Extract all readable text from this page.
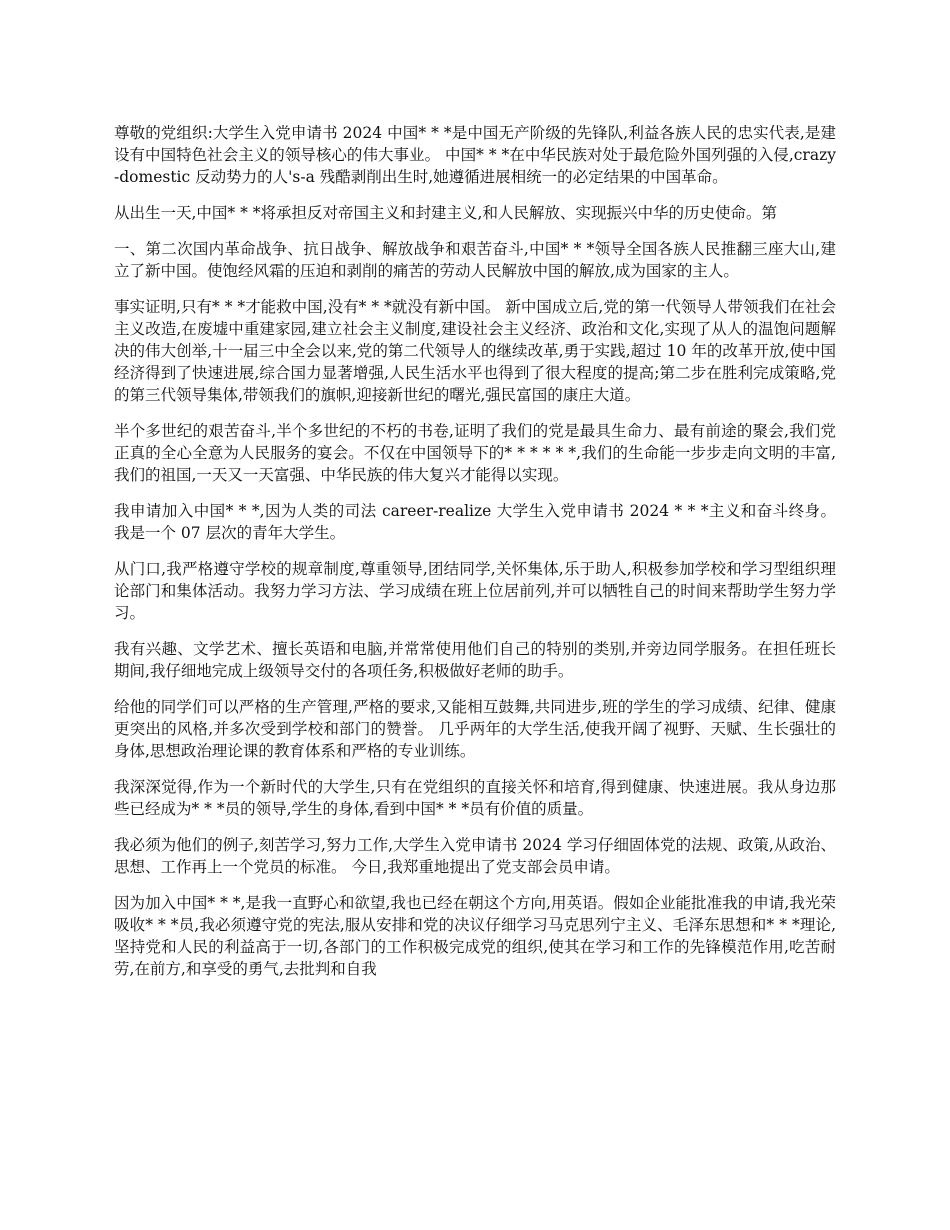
尊敬的党组织:大学生入党申请书 2024 中国* * *是中国无产阶级的先锋队,利益各族人民的忠实代表,是建设有中国特色社会主义的领导核心的伟大事业。 中国* * *在中华民族对处于最危险外国列强的入侵,crazy-domestic 反动势力的人's-a 残酷剥削出生时,她遵循进展相统一的必定结果的中国革命。

从出生一天,中国* * *将承担反对帝国主义和封建主义,和人民解放、实现振兴中华的历史使命。第

一、第二次国内革命战争、抗日战争、解放战争和艰苦奋斗,中国* * *领导全国各族人民推翻三座大山,建立了新中国。使饱经风霜的压迫和剥削的痛苦的劳动人民解放中国的解放,成为国家的主人。

事实证明,只有* * *才能救中国,没有* * *就没有新中国。 新中国成立后,党的第一代领导人带领我们在社会主义改造,在废墟中重建家园,建立社会主义制度,建设社会主义经济、政治和文化,实现了从人的温饱问题解决的伟大创举,十一届三中全会以来,党的第二代领导人的继续改革,勇于实践,超过 10 年的改革开放,使中国经济得到了快速进展,综合国力显著增强,人民生活水平也得到了很大程度的提高;第二步在胜利完成策略,党的第三代领导集体,带领我们的旗帜,迎接新世纪的曙光,强民富国的康庄大道。

半个多世纪的艰苦奋斗,半个多世纪的不朽的书卷,证明了我们的党是最具生命力、最有前途的聚会,我们党正真的全心全意为人民服务的宴会。不仅在中国领导下的* * * * * *,我们的生命能一步步走向文明的丰富,我们的祖国,一天又一天富强、中华民族的伟大复兴才能得以实现。

我申请加入中国* * *,因为人类的司法 career-realize 大学生入党申请书 2024 * * *主义和奋斗终身。 我是一个 07 层次的青年大学生。

从门口,我严格遵守学校的规章制度,尊重领导,团结同学,关怀集体,乐于助人,积极参加学校和学习型组织理论部门和集体活动。我努力学习方法、学习成绩在班上位居前列,并可以牺牲自己的时间来帮助学生努力学习。

我有兴趣、文学艺术、擅长英语和电脑,并常常使用他们自己的特别的类别,并旁边同学服务。在担任班长期间,我仔细地完成上级领导交付的各项任务,积极做好老师的助手。

给他的同学们可以严格的生产管理,严格的要求,又能相互鼓舞,共同进步,班的学生的学习成绩、纪律、健康更突出的风格,并多次受到学校和部门的赞誉。 几乎两年的大学生活,使我开阔了视野、天赋、生长强壮的身体,思想政治理论课的教育体系和严格的专业训练。

我深深觉得,作为一个新时代的大学生,只有在党组织的直接关怀和培育,得到健康、快速进展。我从身边那些已经成为* * *员的领导,学生的身体,看到中国* * *员有价值的质量。

我必须为他们的例子,刻苦学习,努力工作,大学生入党申请书 2024 学习仔细固体党的法规、政策,从政治、思想、工作再上一个党员的标准。 今日,我郑重地提出了党支部会员申请。

因为加入中国* * *,是我一直野心和欲望,我也已经在朝这个方向,用英语。假如企业能批准我的申请,我光荣吸收* * *员,我必须遵守党的宪法,服从安排和党的决议仔细学习马克思列宁主义、毛泽东思想和* * *理论,坚持党和人民的利益高于一切,各部门的工作积极完成党的组织,使其在学习和工作的先锋模范作用,吃苦耐劳,在前方,和享受的勇气,去批判和自我
